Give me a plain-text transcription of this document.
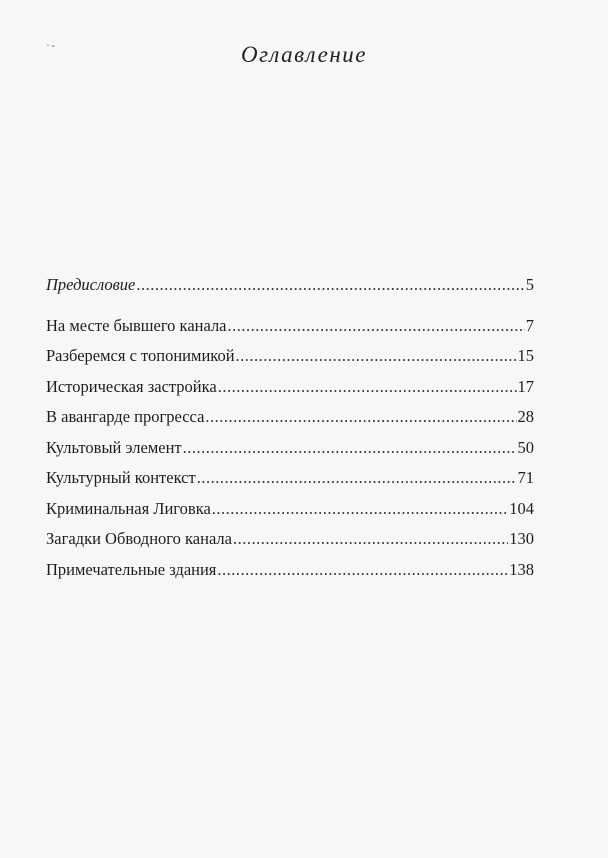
·-	Оглавление
Предисловие .....	5
На месте бывшего канала .....	7
Разберемся с топонимикой .....	15
Историческая застройка .....	17
В авангарде прогресса .....	28
Культовый элемент .....	50
Культурный контекст .....	71
Криминальная Лиговка .....	104
Загадки Обводного канала .....	130
Примечательные здания .....	138
